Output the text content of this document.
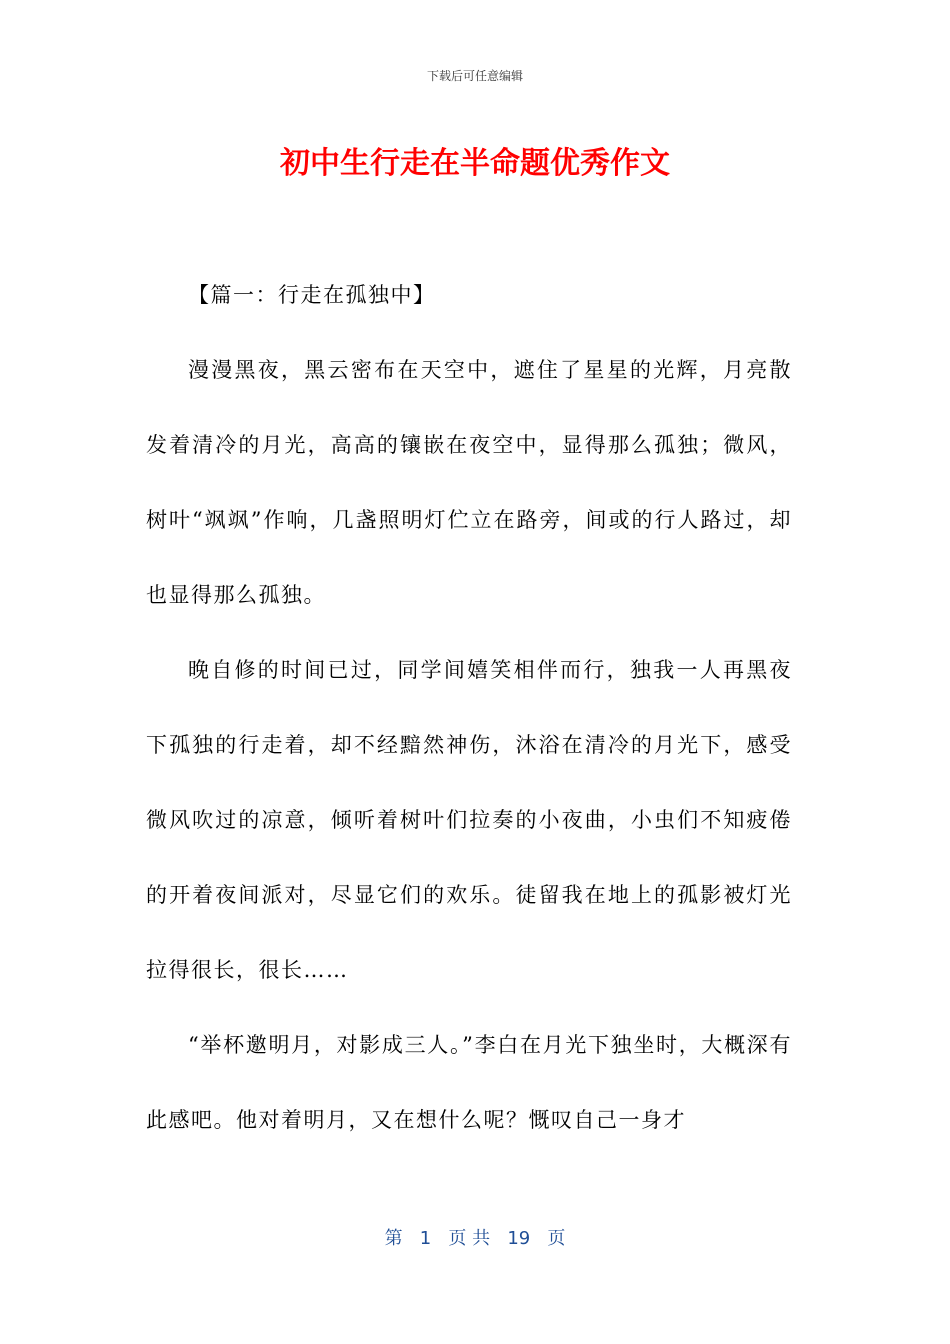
下载后可任意编辑
初中生行走在半命题优秀作文

【篇一：行走在孤独中】

漫漫黑夜，黑云密布在天空中，遮住了星星的光辉，月亮散发着清冷的月光，高高的镶嵌在夜空中，显得那么孤独；微风，树叶“飒飒”作响，几盏照明灯伫立在路旁，间或的行人路过，却也显得那么孤独。

晚自修的时间已过，同学间嬉笑相伴而行，独我一人再黑夜下孤独的行走着，却不经黯然神伤，沐浴在清冷的月光下，感受微风吹过的凉意，倾听着树叶们拉奏的小夜曲，小虫们不知疲倦的开着夜间派对，尽显它们的欢乐。徒留我在地上的孤影被灯光拉得很长，很长……

“举杯邀明月，对影成三人。”李白在月光下独坐时，大概深有此感吧。他对着明月，又在想什么呢？慨叹自己一身才

第 1 页 共 19 页
